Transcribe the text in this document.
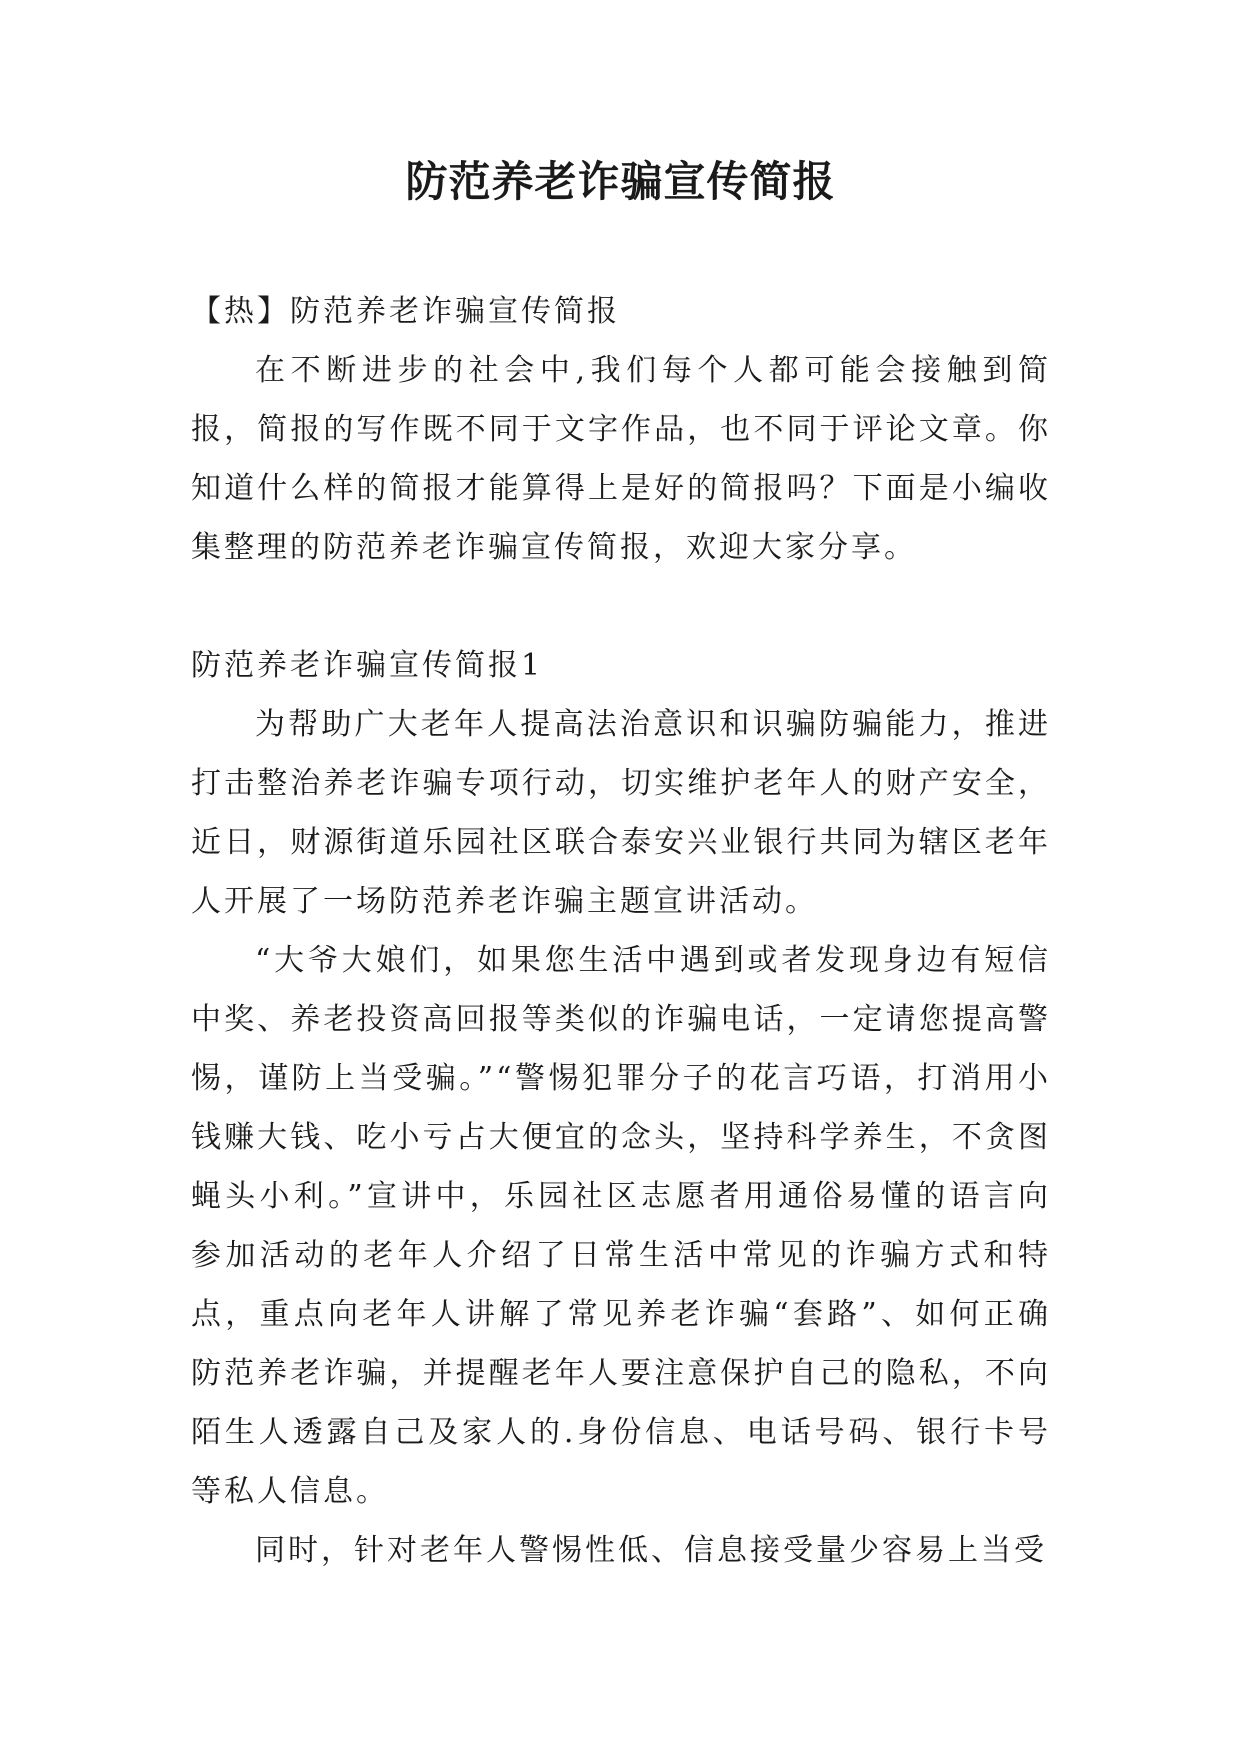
防范养老诈骗宣传简报

【热】防范养老诈骗宣传简报

在不断进步的社会中,我们每个人都可能会接触到简报，简报的写作既不同于文字作品，也不同于评论文章。你知道什么样的简报才能算得上是好的简报吗？下面是小编收集整理的防范养老诈骗宣传简报，欢迎大家分享。

防范养老诈骗宣传简报1

为帮助广大老年人提高法治意识和识骗防骗能力，推进打击整治养老诈骗专项行动，切实维护老年人的财产安全，近日，财源街道乐园社区联合泰安兴业银行共同为辖区老年人开展了一场防范养老诈骗主题宣讲活动。

“大爷大娘们，如果您生活中遇到或者发现身边有短信中奖、养老投资高回报等类似的诈骗电话，一定请您提高警惕，谨防上当受骗。”“警惕犯罪分子的花言巧语，打消用小钱赚大钱、吃小亏占大便宜的念头，坚持科学养生，不贪图蝇头小利。”宣讲中，乐园社区志愿者用通俗易懂的语言向参加活动的老年人介绍了日常生活中常见的诈骗方式和特点，重点向老年人讲解了常见养老诈骗“套路”、如何正确防范养老诈骗，并提醒老年人要注意保护自己的隐私，不向陌生人透露自己及家人的.身份信息、电话号码、银行卡号等私人信息。

同时，针对老年人警惕性低、信息接受量少容易上当受
